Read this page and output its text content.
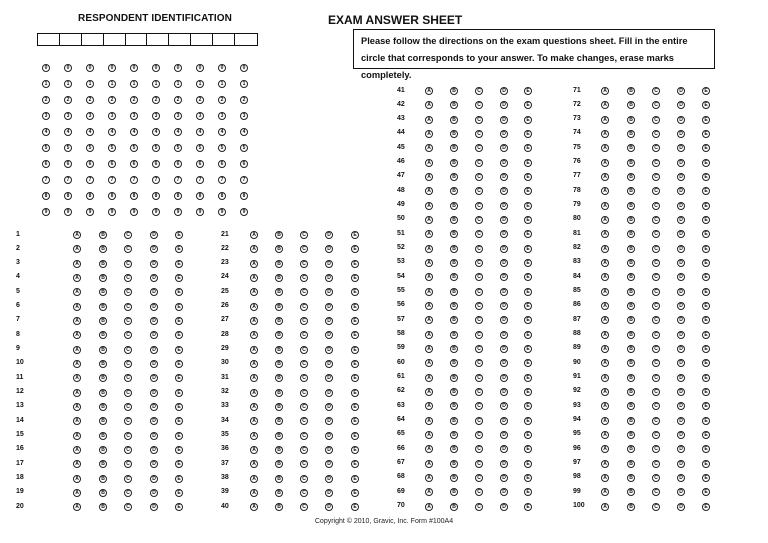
RESPONDENT IDENTIFICATION	EXAM ANSWER SHEET
Please follow the directions on the exam questions sheet. Fill in the entire circle that corresponds to your answer. To make changes, erase marks completely.
0	0	0	0	0	0	0	0	0	0
1	1	1	1	1	1	1	1	1	1
2	2	2	2	2	2	2	2	2	2
3	3	3	3	3	3	3	3	3	3
4	4	4	4	4	4	4	4	4	4
5	5	5	5	5	5	5	5	5	5
6	6	6	6	6	6	6	6	6	6
7	7	7	7	7	7	7	7	7	7
8	8	8	8	8	8	8	8	8	8
9	9	9	9	9	9	9	9	9	9
1	A	B	C	D	E
2	A	B	C	D	E
3	A	B	C	D	E
4	A	B	C	D	E
5	A	B	C	D	E
6	A	B	C	D	E
7	A	B	C	D	E
8	A	B	C	D	E
9	A	B	C	D	E
10	A	B	C	D	E
11	A	B	C	D	E
12	A	B	C	D	E
13	A	B	C	D	E
14	A	B	C	D	E
15	A	B	C	D	E
16	A	B	C	D	E
17	A	B	C	D	E
18	A	B	C	D	E
19	A	B	C	D	E
20	A	B	C	D	E
21	A	B	C	D	E
22	A	B	C	D	E
23	A	B	C	D	E
24	A	B	C	D	E
25	A	B	C	D	E
26	A	B	C	D	E
27	A	B	C	D	E
28	A	B	C	D	E
29	A	B	C	D	E
30	A	B	C	D	E
31	A	B	C	D	E
32	A	B	C	D	E
33	A	B	C	D	E
34	A	B	C	D	E
35	A	B	C	D	E
36	A	B	C	D	E
37	A	B	C	D	E
38	A	B	C	D	E
39	A	B	C	D	E
40	A	B	C	D	E
41	A	B	C	D	E
42	A	B	C	D	E
43	A	B	C	D	E
44	A	B	C	D	E
45	A	B	C	D	E
46	A	B	C	D	E
47	A	B	C	D	E
48	A	B	C	D	E
49	A	B	C	D	E
50	A	B	C	D	E
51	A	B	C	D	E
52	A	B	C	D	E
53	A	B	C	D	E
54	A	B	C	D	E
55	A	B	C	D	E
56	A	B	C	D	E
57	A	B	C	D	E
58	A	B	C	D	E
59	A	B	C	D	E
60	A	B	C	D	E
61	A	B	C	D	E
62	A	B	C	D	E
63	A	B	C	D	E
64	A	B	C	D	E
65	A	B	C	D	E
66	A	B	C	D	E
67	A	B	C	D	E
68	A	B	C	D	E
69	A	B	C	D	E
70	A	B	C	D	E
71	A	B	C	D	E
72	A	B	C	D	E
73	A	B	C	D	E
74	A	B	C	D	E
75	A	B	C	D	E
76	A	B	C	D	E
77	A	B	C	D	E
78	A	B	C	D	E
79	A	B	C	D	E
80	A	B	C	D	E
81	A	B	C	D	E
82	A	B	C	D	E
83	A	B	C	D	E
84	A	B	C	D	E
85	A	B	C	D	E
86	A	B	C	D	E
87	A	B	C	D	E
88	A	B	C	D	E
89	A	B	C	D	E
90	A	B	C	D	E
91	A	B	C	D	E
92	A	B	C	D	E
93	A	B	C	D	E
94	A	B	C	D	E
95	A	B	C	D	E
96	A	B	C	D	E
97	A	B	C	D	E
98	A	B	C	D	E
99	A	B	C	D	E
100	A	B	C	D	E
Copyright © 2010, Gravic, Inc. Form #100A4
